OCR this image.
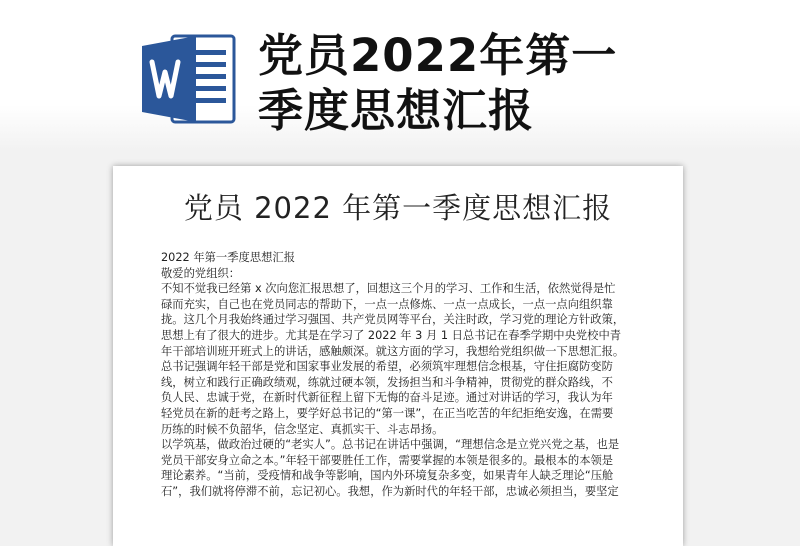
党员2022年第一
季度思想汇报
党员 2022 年第一季度思想汇报
2022 年第一季度思想汇报
敬爱的党组织：
不知不觉我已经第 x 次向您汇报思想了，回想这三个月的学习、工作和生活，依然觉得是忙
碌而充实，自己也在党员同志的帮助下，一点一点修炼、一点一点成长，一点一点向组织靠
拢。这几个月我始终通过学习强国、共产党员网等平台，关注时政，学习党的理论方针政策，
思想上有了很大的进步。尤其是在学习了 2022 年 3 月 1 日总书记在春季学期中央党校中青
年干部培训班开班式上的讲话，感触颇深。就这方面的学习，我想给党组织做一下思想汇报。
总书记强调年轻干部是党和国家事业发展的希望，必须筑牢理想信念根基，守住拒腐防变防
线，树立和践行正确政绩观，练就过硬本领，发扬担当和斗争精神，贯彻党的群众路线，不
负人民、忠诚于党，在新时代新征程上留下无悔的奋斗足迹。通过对讲话的学习，我认为年
轻党员在新的赶考之路上，要学好总书记的“第一课”，在正当吃苦的年纪拒绝安逸，在需要
历练的时候不负韶华，信念坚定、真抓实干、斗志昂扬。
以学筑基，做政治过硬的“老实人”。总书记在讲话中强调，“理想信念是立党兴党之基，也是
党员干部安身立命之本。”年轻干部要胜任工作，需要掌握的本领是很多的。最根本的本领是
理论素养。“当前，受疫情和战争等影响，国内外环境复杂多变，如果青年人缺乏理论“压舱
石”，我们就将停滞不前，忘记初心。我想，作为新时代的年轻干部，忠诚必须担当，要坚定
